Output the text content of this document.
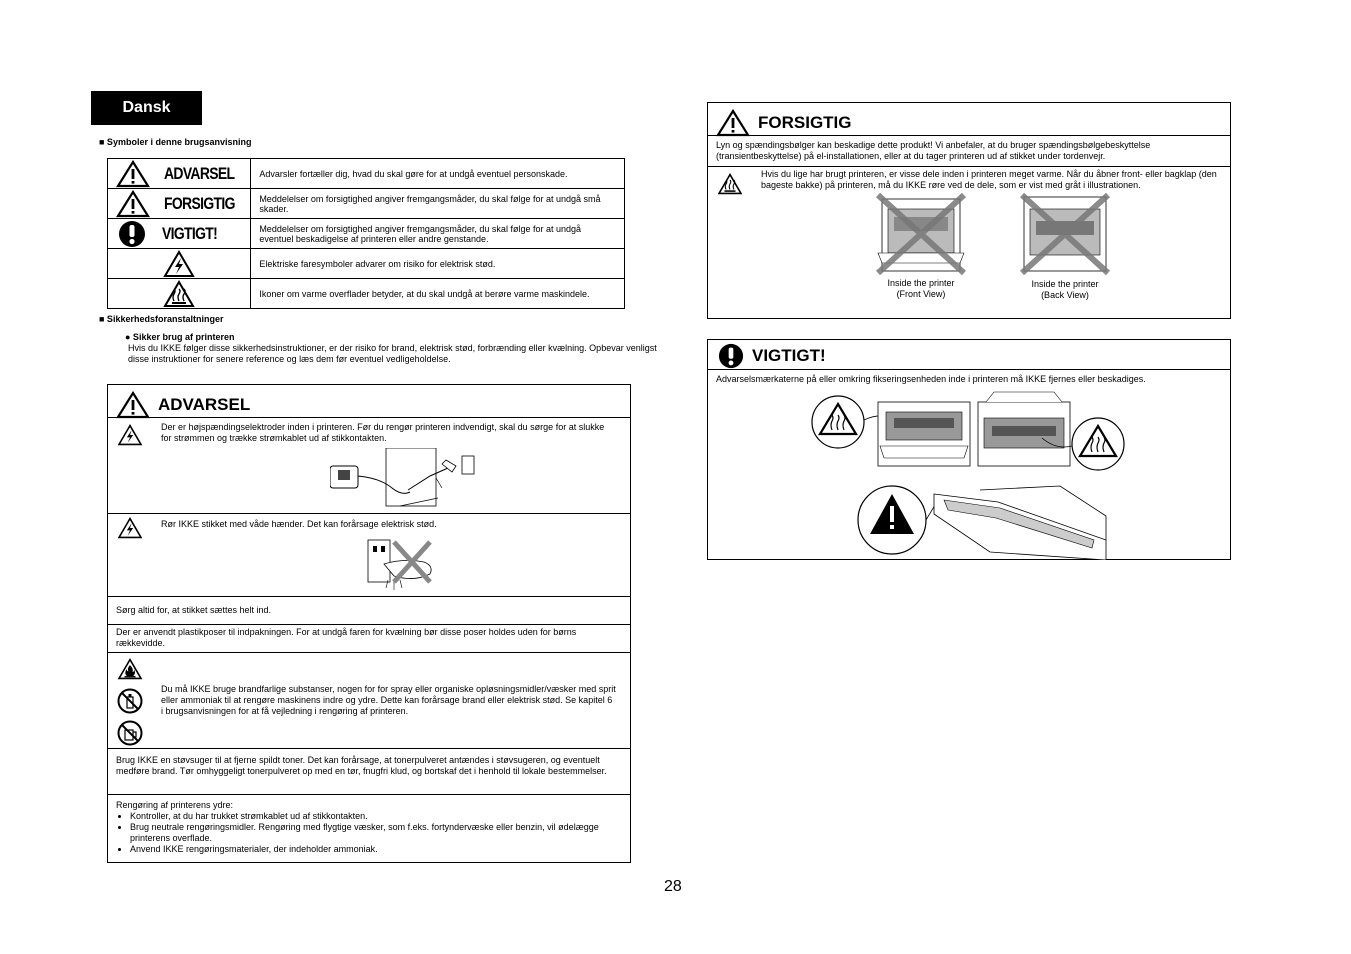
Dansk
■ Symboler i denne brugsanvisning
ADVARSEL	Advarsler fortæller dig, hvad du skal gøre for at undgå eventuel personskade.

FORSIGTIG	Meddelelser om forsigtighed angiver fremgangsmåder, du skal følge for at undgå små skader.

VIGTIGT!	Meddelelser om forsigtighed angiver fremgangsmåder, du skal følge for at undgå eventuel beskadigelse af printeren eller andre genstande.
	Elektriske faresymboler advarer om risiko for elektrisk stød.
	Ikoner om varme overflader betyder, at du skal undgå at berøre varme maskindele.
■ Sikkerhedsforanstaltninger
● Sikker brug af printeren
Hvis du IKKE følger disse sikkerhedsinstruktioner, er der risiko for brand, elektrisk stød, forbrænding eller kvælning. Opbevar venligst disse instruktioner for senere reference og læs dem før eventuel vedligeholdelse.
ADVARSEL
Der er højspændingselektroder inden i printeren. Før du rengør printeren indvendigt, skal du sørge for at slukke for strømmen og trække strømkablet ud af stikkontakten.
Rør IKKE stikket med våde hænder. Det kan forårsage elektrisk stød.
Sørg altid for, at stikket sættes helt ind.
Der er anvendt plastikposer til indpakningen. For at undgå faren for kvælning bør disse poser holdes uden for børns rækkevidde.
Du må IKKE bruge brandfarlige substanser, nogen for for spray eller organiske opløsningsmidler/væsker med sprit eller ammoniak til at rengøre maskinens indre og ydre. Dette kan forårsage brand eller elektrisk stød. Se kapitel 6 i brugsanvisningen for at få vejledning i rengøring af printeren.
Brug IKKE en støvsuger til at fjerne spildt toner. Det kan forårsage, at tonerpulveret antændes i støvsugeren, og eventuelt medføre brand. Tør omhyggeligt tonerpulveret op med en tør, fnugfri klud, og bortskaf det i henhold til lokale bestemmelser.
Rengøring af printerens ydre:
• Kontroller, at du har trukket strømkablet ud af stikkontakten.
• Brug neutrale rengøringsmidler. Rengøring med flygtige væsker, som f.eks. fortyndervæske eller benzin, vil ødelægge printerens overflade.
• Anvend IKKE rengøringsmaterialer, der indeholder ammoniak.
FORSIGTIG
Lyn og spændingsbølger kan beskadige dette produkt! Vi anbefaler, at du bruger spændingsbølgebeskyttelse (transientbeskyttelse) på el-installationen, eller at du tager printeren ud af stikket under tordenvejr.
Hvis du lige har brugt printeren, er visse dele inden i printeren meget varme. Når du åbner front- eller bagklap (den bageste bakke) på printeren, må du IKKE røre ved de dele, som er vist med gråt i illustrationen.
Inside the printer
(Front View)
Inside the printer
(Back View)
VIGTIGT!
Advarselsmærkaterne på eller omkring fikseringsenheden inde i printeren må IKKE fjernes eller beskadiges.
28
